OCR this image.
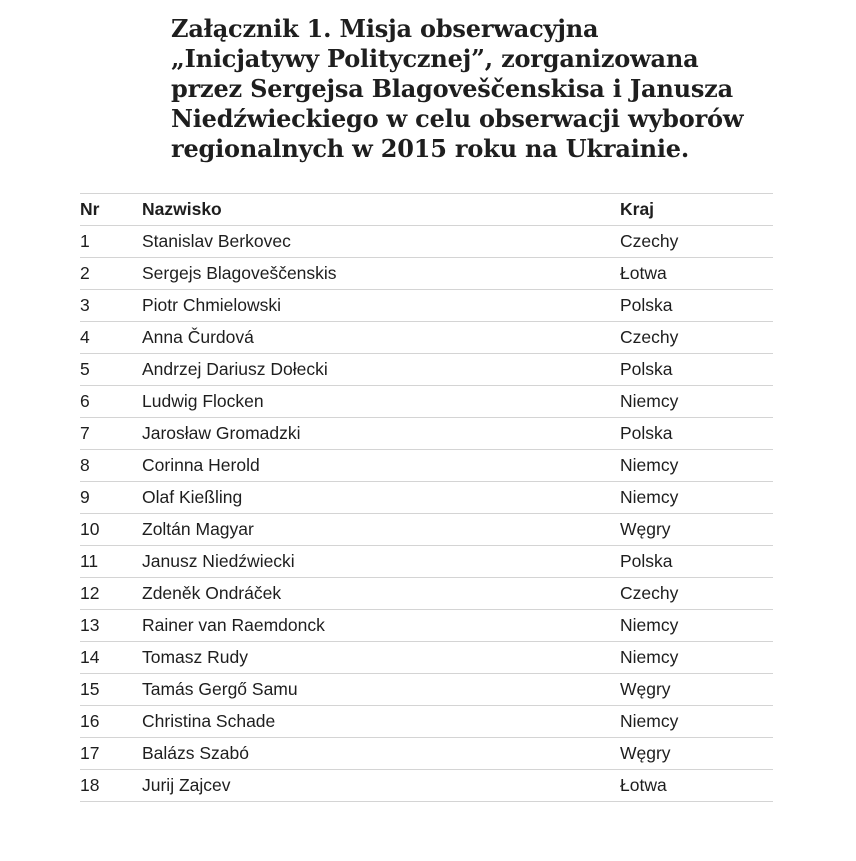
Załącznik 1. Misja obserwacyjna
„Inicjatywy Politycznej”, zorganizowana
przez Sergejsa Blagoveščenskisa i Janusza
Niedźwieckiego w celu obserwacji wyborów
regionalnych w 2015 roku na Ukrainie.
Nr Nazwisko	Kraj
1	Stanislav Berkovec	Czechy
2	Sergejs Blagoveščenskis	Łotwa
3	Piotr Chmielowski	Polska
4	Anna Čurdová	Czechy
5	Andrzej Dariusz Dołecki	Polska
6	Ludwig Flocken	Niemcy
7	Jarosław Gromadzki	Polska
8	Corinna Herold	Niemcy
9	Olaf Kießling	Niemcy
10 Zoltán Magyar	Węgry
11	Janusz Niedźwiecki	Polska
12 Zdeněk Ondráček	Czechy
13 Rainer van Raemdonck	Niemcy
14 Tomasz Rudy	Niemcy
15 Tamás Gergő Samu	Węgry
16 Christina Schade	Niemcy
17 Balázs Szabó	Węgry
18 Jurij Zajcev	Łotwa
